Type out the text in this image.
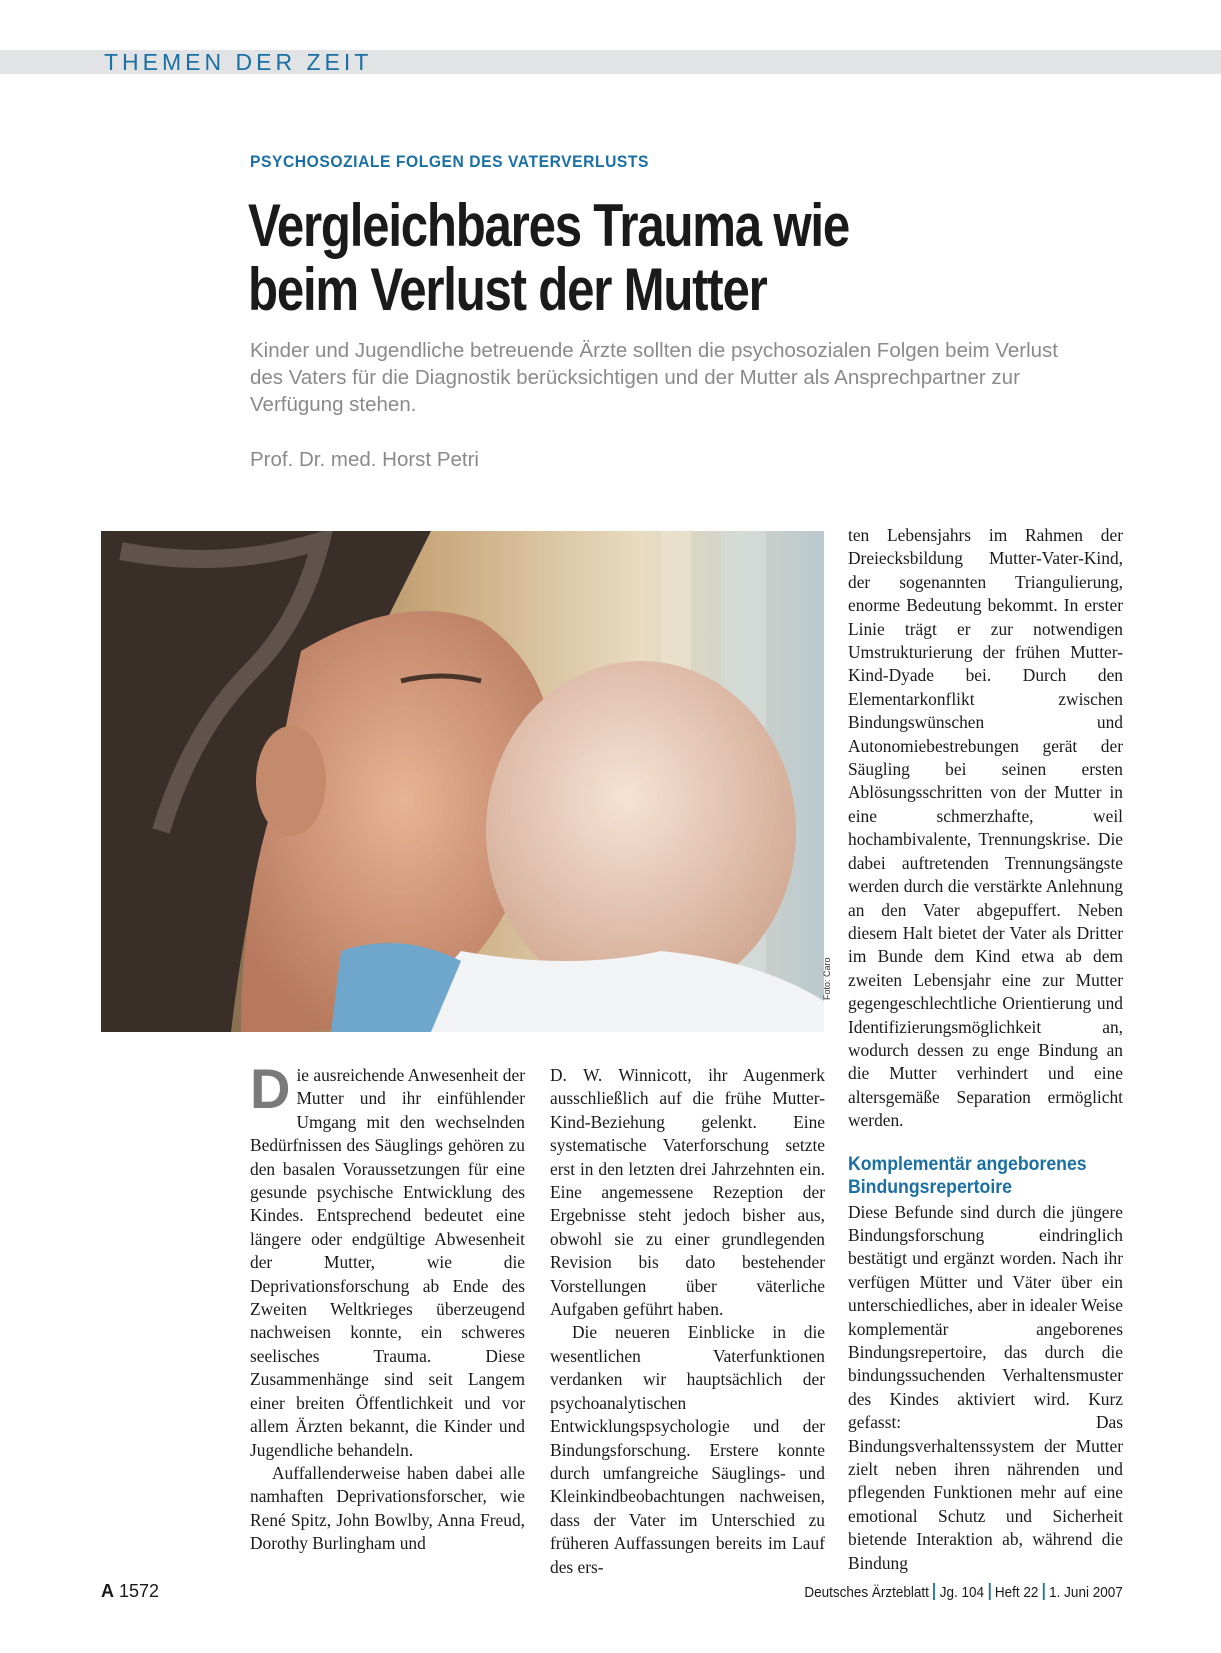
THEMEN DER ZEIT
PSYCHOSOZIALE FOLGEN DES VATERVERLUSTS
Vergleichbares Trauma wie
beim Verlust der Mutter
Kinder und Jugendliche betreuende Ärzte sollten die psychosozialen Folgen beim Verlust des Vaters für die Diagnostik berücksichtigen und der Mutter als Ansprechpartner zur Verfügung stehen.
Prof. Dr. med. Horst Petri
Foto: Caro

Die ausreichende Anwesenheit der Mutter und ihr einfühlender Umgang mit den wechselnden Bedürfnissen des Säuglings gehören zu den basalen Voraussetzungen für eine gesunde psychische Entwicklung des Kindes. Entsprechend bedeutet eine längere oder endgültige Abwesenheit der Mutter, wie die Deprivationsforschung ab Ende des Zweiten Weltkrieges überzeugend nachweisen konnte, ein schweres seelisches Trauma. Diese Zusammenhänge sind seit Langem einer breiten Öffentlichkeit und vor allem Ärzten bekannt, die Kinder und Jugendliche behandeln.

Auffallenderweise haben dabei alle namhaften Deprivationsforscher, wie René Spitz, John Bowlby, Anna Freud, Dorothy Burlingham und

D. W. Winnicott, ihr Augenmerk ausschließlich auf die frühe Mutter-Kind-Beziehung gelenkt. Eine systematische Vaterforschung setzte erst in den letzten drei Jahrzehnten ein. Eine angemessene Rezeption der Ergebnisse steht jedoch bisher aus, obwohl sie zu einer grundlegenden Revision bis dato bestehender Vorstellungen über väterliche Aufgaben geführt haben.

Die neueren Einblicke in die wesentlichen Vaterfunktionen verdanken wir hauptsächlich der psychoanalytischen Entwicklungspsychologie und der Bindungsforschung. Erstere konnte durch umfangreiche Säuglings- und Kleinkindbeobachtungen nachweisen, dass der Vater im Unterschied zu früheren Auffassungen bereits im Lauf des ers-

ten Lebensjahrs im Rahmen der Dreiecksbildung Mutter-Vater-Kind, der sogenannten Triangulierung, enorme Bedeutung bekommt. In erster Linie trägt er zur notwendigen Umstrukturierung der frühen Mutter-Kind-Dyade bei. Durch den Elementarkonflikt zwischen Bindungswünschen und Autonomiebestrebungen gerät der Säugling bei seinen ersten Ablösungsschritten von der Mutter in eine schmerzhafte, weil hochambivalente, Trennungskrise. Die dabei auftretenden Trennungsängste werden durch die verstärkte Anlehnung an den Vater abgepuffert. Neben diesem Halt bietet der Vater als Dritter im Bunde dem Kind etwa ab dem zweiten Lebensjahr eine zur Mutter gegengeschlechtliche Orientierung und Identifizierungsmöglichkeit an, wodurch dessen zu enge Bindung an die Mutter verhindert und eine altersgemäße Separation ermöglicht werden.

Komplementär angeborenes Bindungsrepertoire

Diese Befunde sind durch die jüngere Bindungsforschung eindringlich bestätigt und ergänzt worden. Nach ihr verfügen Mütter und Väter über ein unterschiedliches, aber in idealer Weise komplementär angeborenes Bindungsrepertoire, das durch die bindungssuchenden Verhaltensmuster des Kindes aktiviert wird. Kurz gefasst: Das Bindungsverhaltenssystem der Mutter zielt neben ihren nährenden und pflegenden Funktionen mehr auf eine emotional Schutz und Sicherheit bietende Interaktion ab, während die Bindung

A 1572	Deutsches Ärzteblatt Jg. 104 Heft 22 1. Juni 2007
